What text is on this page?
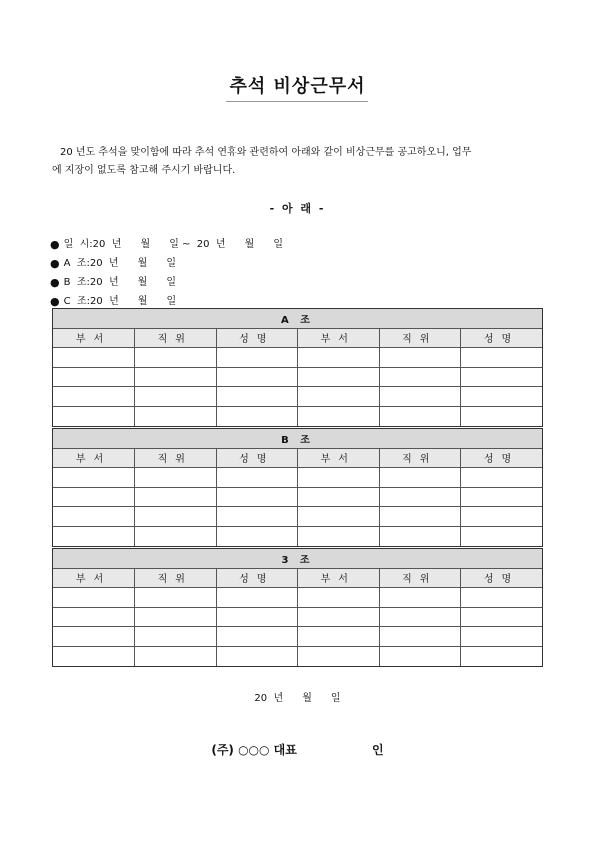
추석 비상근무서
20 년도 추석을 맞이함에 따라 추석 연휴와 관련하여 아래와 같이 비상근무를 공고하오니, 업무
에 지장이 없도록 참고해 주시기 바랍니다.
- 아 래 -
● 일  시: 20  년      월      일 ~  20  년      월      일
● A  조: 20  년      월      일
● B  조: 20  년      월      일
● C  조: 20  년      월      일
A 조					
부서	직위	성명	부서	직위	성명

B 조					
부서	직위	성명	부서	직위	성명

3 조					
부서	직위	성명	부서	직위	성명

20  년      월      일
(주) ○○○ 대표                  인
